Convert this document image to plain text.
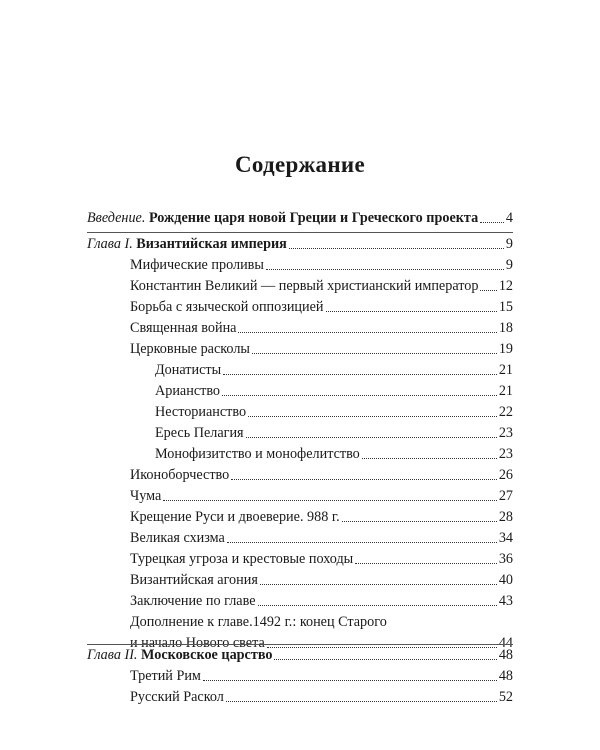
Содержание
Введение. Рождение царя новой Греции и Греческого проекта 4
Глава I. Византийская империя	9
Мифические проливы	9
Константин Великий — первый христианский император 12
Борьба с языческой оппозицией	15
Священная война	18
Церковные расколы	19
Донатисты	21
Арианство	21
Несторианство	22
Ересь Пелагия	23
Монофизитство и монофелитство	23
Иконоборчество	26
Чума	27
Крещение Руси и двоеверие. 988 г.	28
Великая схизма	34
Турецкая угроза и крестовые походы	36
Византийская агония	40
Заключение по главе	43
Дополнение к главе.1492 г.: конец Старого
и начало Нового света	44
Глава II. Московское царство	48
Третий Рим	48
Русский Раскол	52
